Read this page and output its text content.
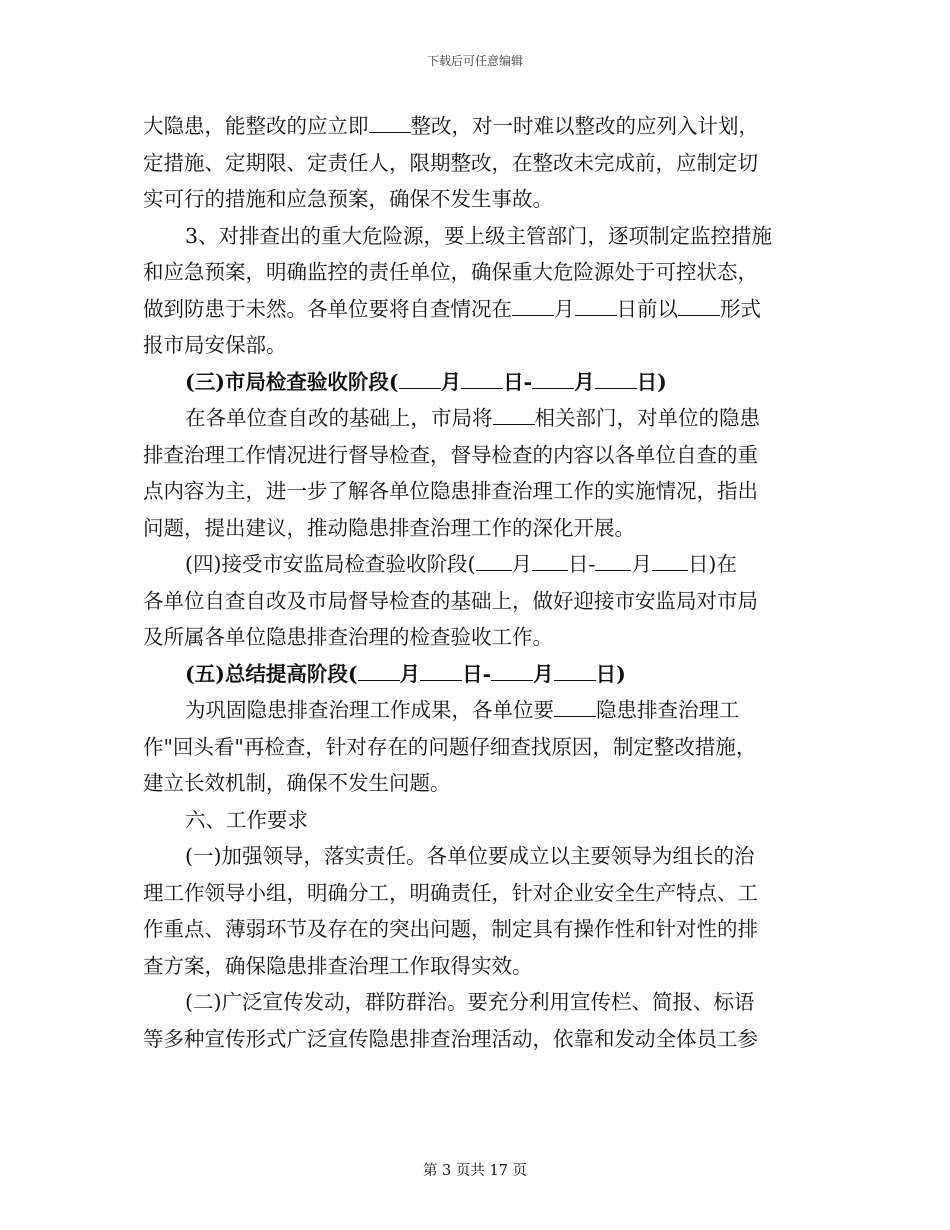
下载后可任意编辑
大隐患，能整改的应立即 整改，对一时难以整改的应列入计划，
定措施、定期限、定责任人，限期整改，在整改未完成前，应制定切
实可行的措施和应急预案，确保不发生事故。
3、对排查出的重大危险源，要上级主管部门，逐项制定监控措施
和应急预案，明确监控的责任单位，确保重大危险源处于可控状态，
做到防患于未然。各单位要将自查情况在 月 日前以 形式
报市局安保部。
(三)市局检查验收阶段( 月 日- 月 日)
在各单位查自改的基础上，市局将 相关部门，对单位的隐患
排查治理工作情况进行督导检查，督导检查的内容以各单位自查的重
点内容为主，进一步了解各单位隐患排查治理工作的实施情况，指出
问题，提出建议，推动隐患排查治理工作的深化开展。
(四)接受市安监局检查验收阶段( 月 日- 月 日)在
各单位自查自改及市局督导检查的基础上，做好迎接市安监局对市局
及所属各单位隐患排查治理的检查验收工作。
(五)总结提高阶段( 月 日- 月 日)
为巩固隐患排查治理工作成果，各单位要 隐患排查治理工
作"回头看"再检查，针对存在的问题仔细查找原因，制定整改措施，
建立长效机制，确保不发生问题。
六、工作要求
(一)加强领导，落实责任。各单位要成立以主要领导为组长的治
理工作领导小组，明确分工，明确责任，针对企业安全生产特点、工
作重点、薄弱环节及存在的突出问题，制定具有操作性和针对性的排
查方案，确保隐患排查治理工作取得实效。
(二)广泛宣传发动，群防群治。要充分利用宣传栏、简报、标语
等多种宣传形式广泛宣传隐患排查治理活动，依靠和发动全体员工参
第 3 页共 17 页
